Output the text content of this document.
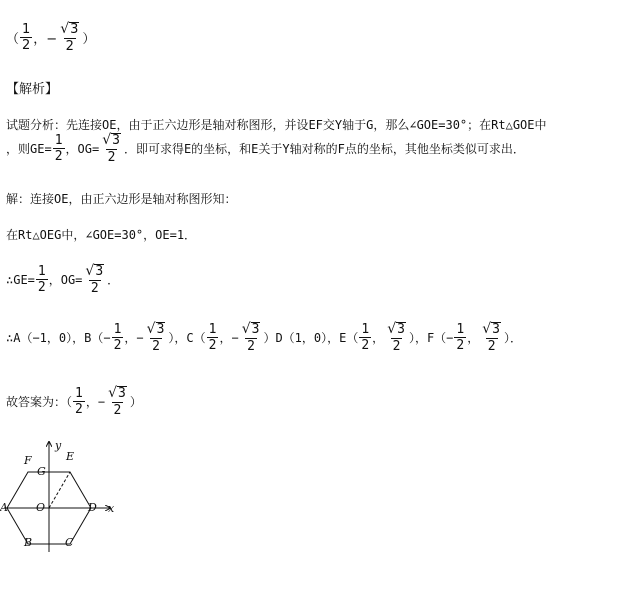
（ $\frac{1}{2}$ ，− $\frac{√ 3}{2}$ ）
【解析】
试题分析：先连接OE，由于正六边形是轴对称图形，并设EF交Y轴于G，那么∠GOE=30°；在Rt△GOE中
，则$GE= \frac{1}{2}$ ，$OG= \frac{√ 3}{2}$ ．即可求得E的坐标，和E关于Y轴对称的F点的坐标，其他坐标类似可求出．
解：连接OE，由正六边形是轴对称图形知：
在Rt△OEG中，∠GOE=30°，OE=1．
∴GE= $\frac{1}{2}$ ，$OG= \frac{√ 3}{2}$ ．
∴A（−1，0），$B(- \frac{1}{2}$ ，− $\frac{√ 3}{2}$ ），$C( \frac{1}{2}$ ，− $\frac{√ 3}{2} )D(1$，0），$E( \frac{1}{2}$ ， $\frac{√ 3}{2}$ ），$F(- \frac{1}{2}$ ， $\frac{√ 3}{2}$ ）．
故答案为：（ $\frac{1}{2}$ ，− $\frac{√ 3}{2}$ ）
y
x
F	E
G
A	O	D
B	C
